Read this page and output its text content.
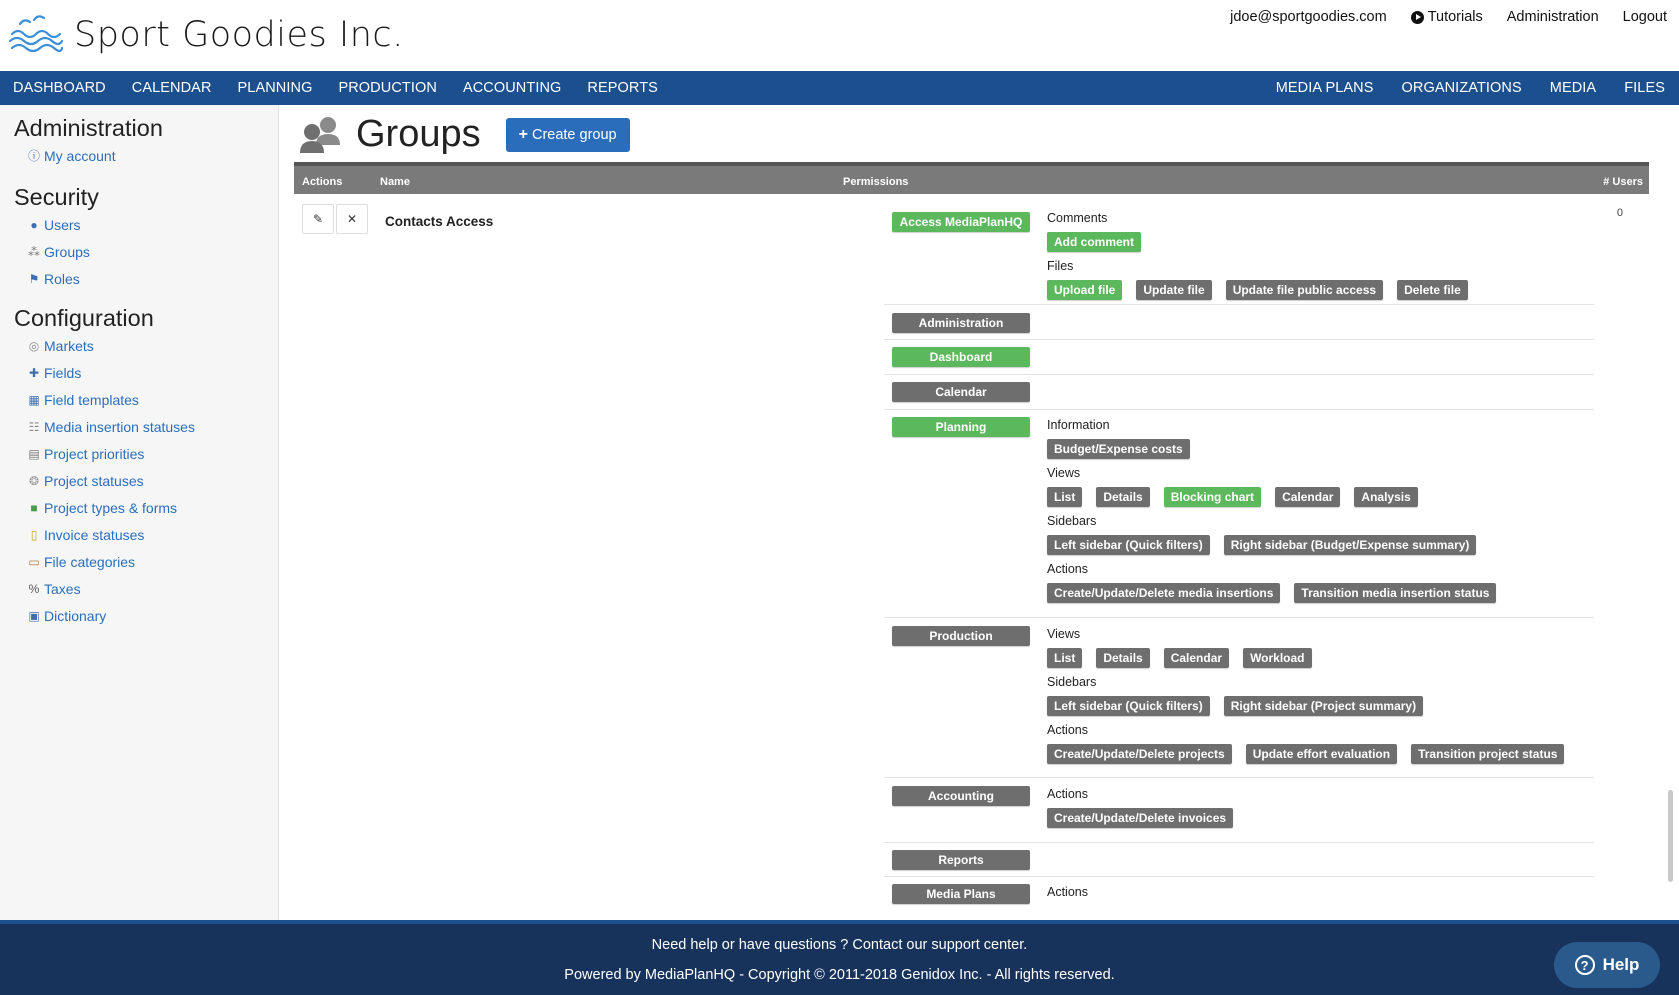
Sport Goodies Inc.	jdoe@sportgoodies.com	Tutorials Administration Logout
DASHBOARD	CALENDAR	PLANNING	PRODUCTION	ACCOUNTING	REPORTS	MEDIA PLANS	ORGANIZATIONS	MEDIA	FILES
Administration
ⓘ My account
Security
● Users
⁂ Groups
⚑ Roles
Configuration
◎ Markets
✚ Fields
▦ Field templates
☷ Media insertion statuses
▤ Project priorities
❂ Project statuses
■ Project types & forms
▯ Invoice statuses
▭ File categories
% Taxes
▣ Dictionary
Groups + Create group
Actions	Name	Permissions	# Users
✎ ✕ Contacts Access
0
Access MediaPlanHQ	Comments
Add comment
Files
Upload file	Update file	Update file public access	Delete file
Administration
Dashboard
Calendar
Planning	Information
Budget/Expense costs
Views
List	Details	Blocking chart	Calendar	Analysis
Sidebars
Left sidebar (Quick filters)	Right sidebar (Budget/Expense summary)
Actions
Create/Update/Delete media insertions	Transition media insertion status
Production	Views
List	Details	Calendar	Workload
Sidebars
Left sidebar (Quick filters)	Right sidebar (Project summary)
Actions
Create/Update/Delete projects	Update effort evaluation	Transition project status
Accounting	Actions
Create/Update/Delete invoices
Reports
Media Plans	Actions
Need help or have questions ? Contact our support center.
Powered by MediaPlanHQ - Copyright © 2011-2018 Genidox Inc. - All rights reserved.
? Help
